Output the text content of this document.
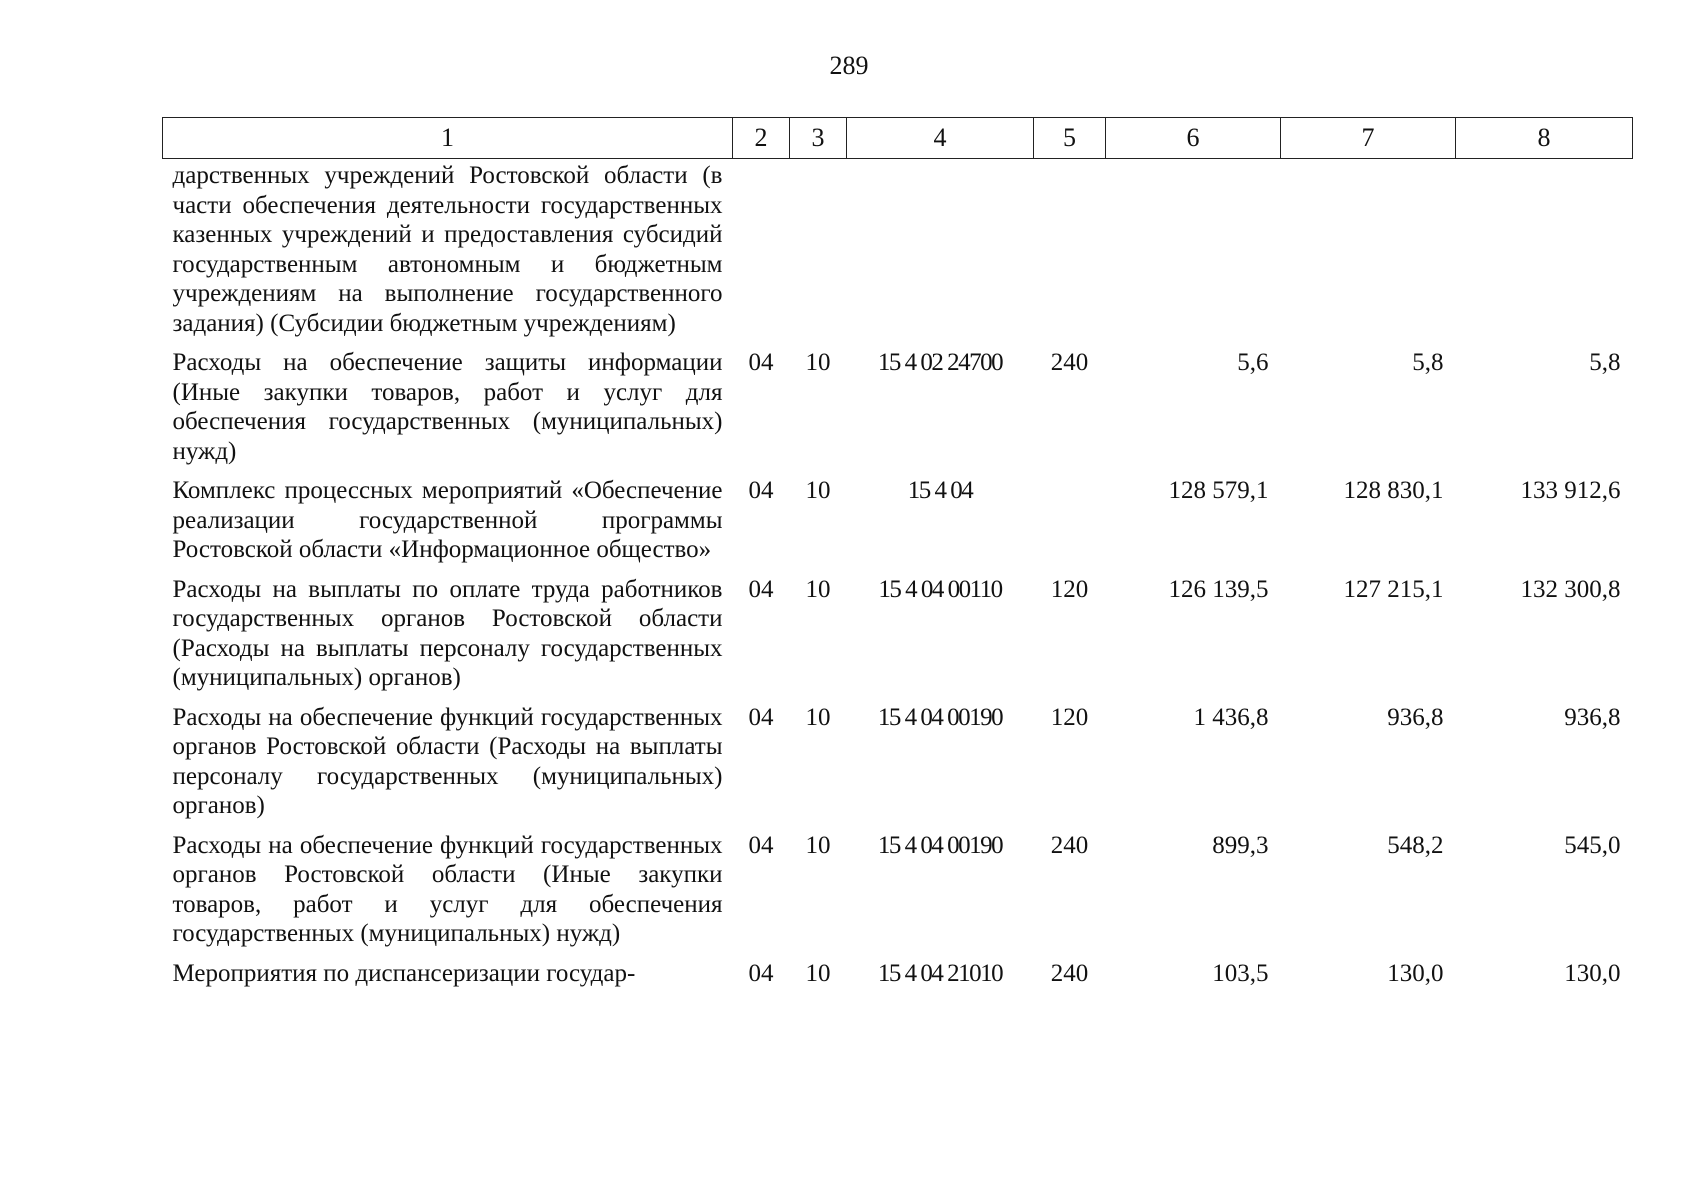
289
1	2	3	4	5	6	7	8
дарственных учреждений Ростовской области (в части обеспечения деятельности государственных казенных учреждений и предоставления субсидий государственным автономным и бюджетным учреждениям на выполнение государственного задания) (Субсидии бюджетным учреждениям)							
Расходы на обеспечение защиты информации (Иные закупки товаров, работ и услуг для обеспечения государственных (муниципальных) нужд)	04	10	15 4 02 24700	240	5,6	5,8	5,8
Комплекс процессных мероприятий «Обеспечение реализации государственной программы Ростовской области «Информационное общество»	04	10	15 4 04		128 579,1	128 830,1	133 912,6
Расходы на выплаты по оплате труда работников государственных органов Ростовской области (Расходы на выплаты персоналу государственных (муниципальных) органов)	04	10	15 4 04 00110	120	126 139,5	127 215,1	132 300,8
Расходы на обеспечение функций государственных органов Ростовской области (Расходы на выплаты персоналу государственных (муниципальных) органов)	04	10	15 4 04 00190	120	1 436,8	936,8	936,8
Расходы на обеспечение функций государственных органов Ростовской области (Иные закупки товаров, работ и услуг для обеспечения государственных (муниципальных) нужд)	04	10	15 4 04 00190	240	899,3	548,2	545,0
Мероприятия по диспансеризации государ-	04	10	15 4 04 21010	240	103,5	130,0	130,0
